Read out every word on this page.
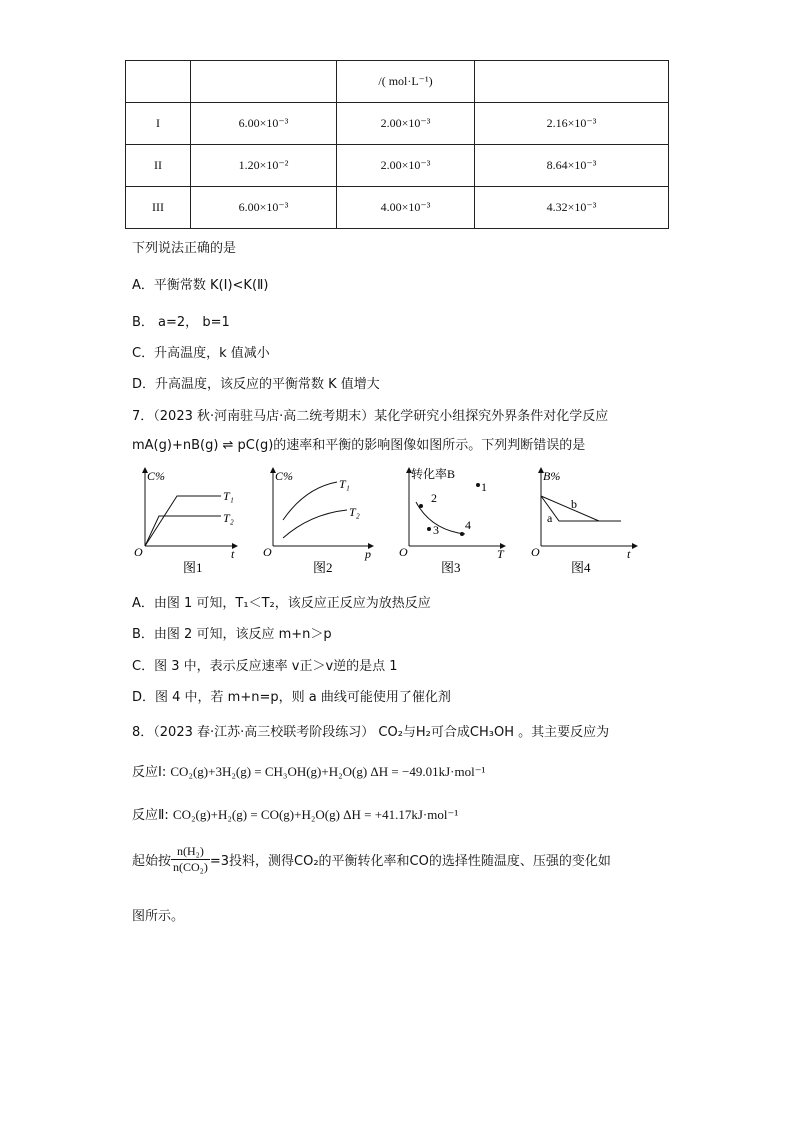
		/( mol·L⁻¹)	
I	6.00×10⁻³	2.00×10⁻³	2.16×10⁻³
II	1.20×10⁻²	2.00×10⁻³	8.64×10⁻³
III	6.00×10⁻³	4.00×10⁻³	4.32×10⁻³
下列说法正确的是
A．平衡常数 K(Ⅰ)<K(Ⅱ)
B． a=2， b=1
C．升高温度，k 值减小
D．升高温度，该反应的平衡常数 K 值增大
7．（2023 秋·河南驻马店·高二统考期末）某化学研究小组探究外界条件对化学反应
mA(g)+nB(g) ⇌ pC(g)的速率和平衡的影响图像如图所示。下列判断错误的是
C%
T₁
T₂
O	t
图1
C%
T₁
T₂
O	p
图2
转化率B
1
2
3 4
O	T
图3
B%
a
b
O	t
图4
A．由图 1 可知，T₁＜T₂，该反应正反应为放热反应
B．由图 2 可知，该反应 m+n＞p
C．图 3 中，表示反应速率 v正＞v逆的是点 1
D．图 4 中，若 m+n=p，则 a 曲线可能使用了催化剂
8．（2023 春·江苏·高三校联考阶段练习） CO₂与H₂可合成CH₃OH 。其主要反应为
反应Ⅰ: CO₂(g)+3H₂(g) = CH₃OH(g)+H₂O(g) ΔH = −49.01kJ·mol⁻¹
反应Ⅱ: CO₂(g)+H₂(g) = CO(g)+H₂O(g) ΔH = +41.17kJ·mol⁻¹
起始按 $\frac{\text{n(H₂)}}{\text{n(CO₂)}} =3$投料，测得CO₂的平衡转化率和CO的选择性随温度、压强的变化如
图所示。
